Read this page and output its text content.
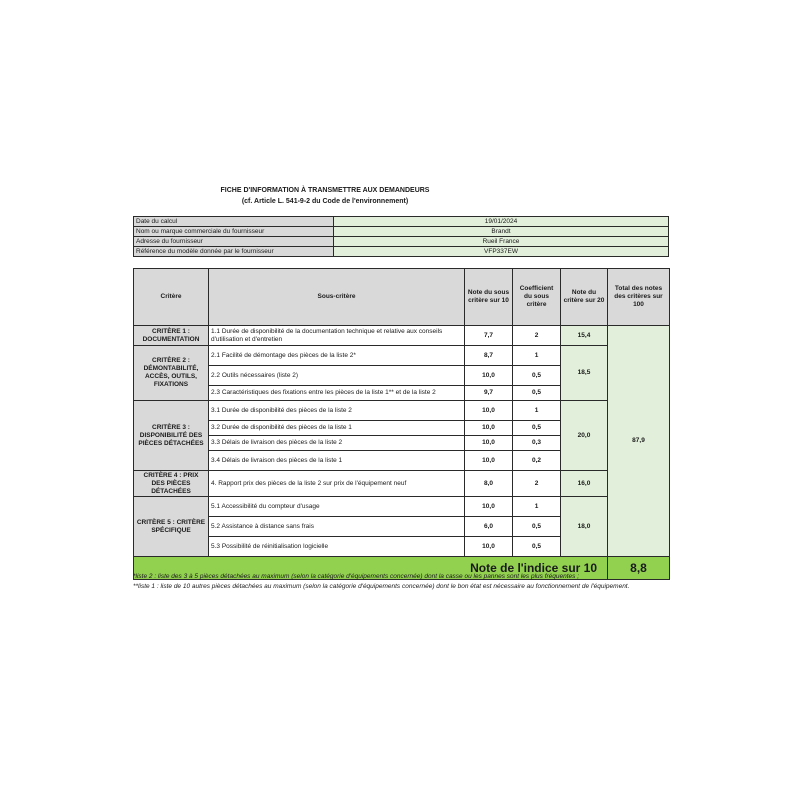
FICHE D'INFORMATION À TRANSMETTRE AUX DEMANDEURS
(cf. Article L. 541-9-2 du Code de l'environnement)
Date du calcul	19/01/2024
Nom ou marque commerciale du fournisseur	Brandt
Adresse du fournisseur	Rueil France
Référence du modèle donnée par le fournisseur	VFP337EW
Critère	Sous-critère	Note du sous critère sur 10	Coefficient du sous critère	Note du critère sur 20	Total des notes des critères sur 100
CRITÈRE 1 : DOCUMENTATION	1.1 Durée de disponibilité de la documentation technique et relative aux conseils d'utilisation et d'entretien	7,7	2	15,4	87,9
CRITÈRE 2 : DÉMONTABILITÉ, ACCÈS, OUTILS, FIXATIONS	2.1 Facilité de démontage des pièces de la liste 2*	8,7	1	18,5	
	2.2 Outils nécessaires (liste 2)	10,0	0,5		
	2.3 Caractéristiques des fixations entre les pièces de la liste 1** et de la liste 2	9,7	0,5		
CRITÈRE 3 : DISPONIBILITÉ DES PIÈCES DÉTACHÉES	3.1 Durée de disponibilité des pièces de la liste 2	10,0	1	20,0	
	3.2 Durée de disponibilité des pièces de la liste 1	10,0	0,5		
	3.3 Délais de livraison des pièces de la liste 2	10,0	0,3		
	3.4 Délais de livraison des pièces de la liste 1	10,0	0,2		
CRITÈRE 4 : PRIX DES PIÈCES DÉTACHÉES	4. Rapport prix des pièces de la liste 2 sur prix de l'équipement neuf	8,0	2	16,0	
CRITÈRE 5 : CRITÈRE SPÉCIFIQUE	5.1 Accessibilité du compteur d'usage	10,0	1	18,0	
	5.2 Assistance à distance sans frais	6,0	0,5		
	5.3 Possibilité de réinitialisation logicielle	10,0	0,5		
Note de l'indice sur 10					8,8
*liste 2 : liste des 3 à 5 pièces détachées au maximum (selon la catégorie d'équipements concernée) dont la casse ou les pannes sont les plus fréquentes ;
**liste 1 : liste de 10 autres pièces détachées au maximum (selon la catégorie d'équipements concernée) dont le bon état est nécessaire au fonctionnement de l'équipement.
